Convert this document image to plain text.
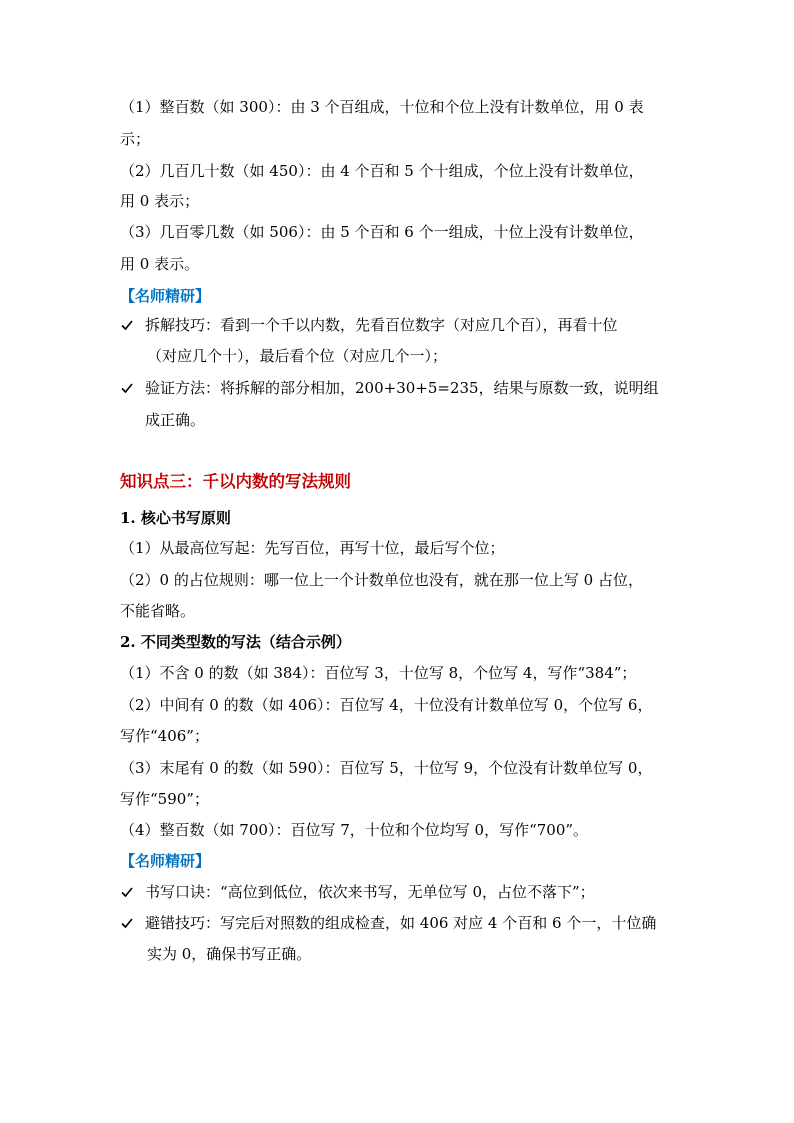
（1）整百数（如 300）：由 3 个百组成，十位和个位上没有计数单位，用 0 表
示；
（2）几百几十数（如 450）：由 4 个百和 5 个十组成，个位上没有计数单位，
用 0 表示；
（3）几百零几数（如 506）：由 5 个百和 6 个一组成，十位上没有计数单位，
用 0 表示。
【名师精研】
拆解技巧：看到一个千以内数，先看百位数字（对应几个百），再看十位
（对应几个十），最后看个位（对应几个一）；
验证方法：将拆解的部分相加，200+30+5=235，结果与原数一致，说明组
成正确。
知识点三：千以内数的写法规则
1. 核心书写原则
（1）从最高位写起：先写百位，再写十位，最后写个位；
（2）0 的占位规则：哪一位上一个计数单位也没有，就在那一位上写 0 占位，
不能省略。
2. 不同类型数的写法（结合示例）
（1）不含 0 的数（如 384）：百位写 3，十位写 8，个位写 4，写作“384”；
（2）中间有 0 的数（如 406）：百位写 4，十位没有计数单位写 0，个位写 6，
写作“406”；
（3）末尾有 0 的数（如 590）：百位写 5，十位写 9，个位没有计数单位写 0，
写作“590”；
（4）整百数（如 700）：百位写 7，十位和个位均写 0，写作“700”。
【名师精研】
书写口诀：“高位到低位，依次来书写，无单位写 0，占位不落下”；
避错技巧：写完后对照数的组成检查，如 406 对应 4 个百和 6 个一，十位确
实为 0，确保书写正确。
